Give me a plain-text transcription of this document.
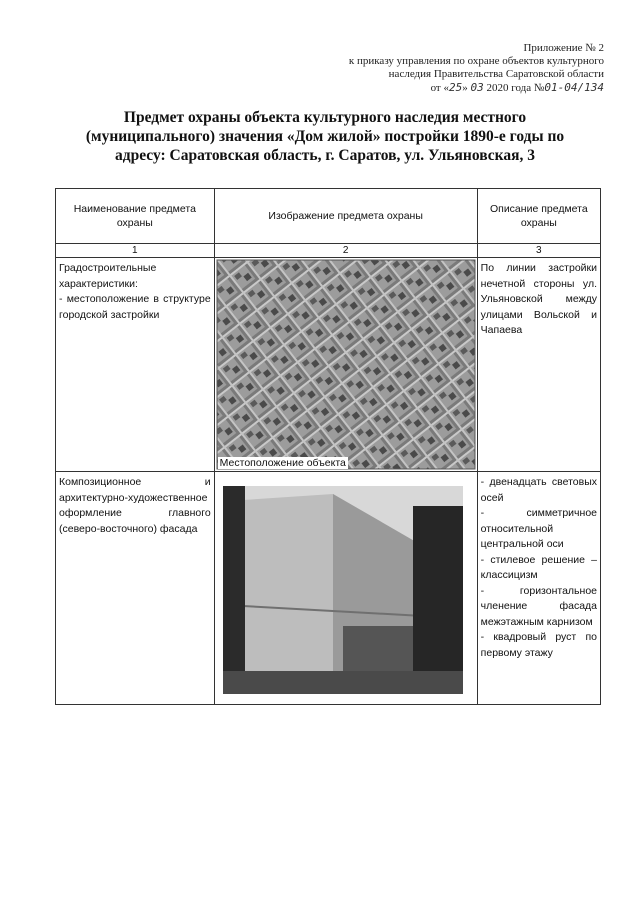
Приложение № 2
к приказу управления по охране объектов культурного
наследия Правительства Саратовской области
от «25» 03 2020 года №01-04/134
Предмет охраны объекта культурного наследия местного
(муниципального) значения «Дом жилой» постройки 1890-е годы по
адресу: Саратовская область, г. Саратов, ул. Ульяновская, 3
Наименование предмета охраны	Изображение предмета охраны	Описание предмета охраны
1	2	3

Градостроительные характеристики:
- местоположение в структуре городской застройки	Местоположение объекта	По линии застройки нечетной стороны ул. Ульяновской между улицами Вольской и Чапаева

Композиционное и архитектурно-художественное оформление главного (северо-восточного) фасада		- двенадцать световых осей
- симметричное относительной центральной оси
- стилевое решение – классицизм
- горизонтальное членение фасада межэтажным карнизом
- квадровый руст по первому этажу
